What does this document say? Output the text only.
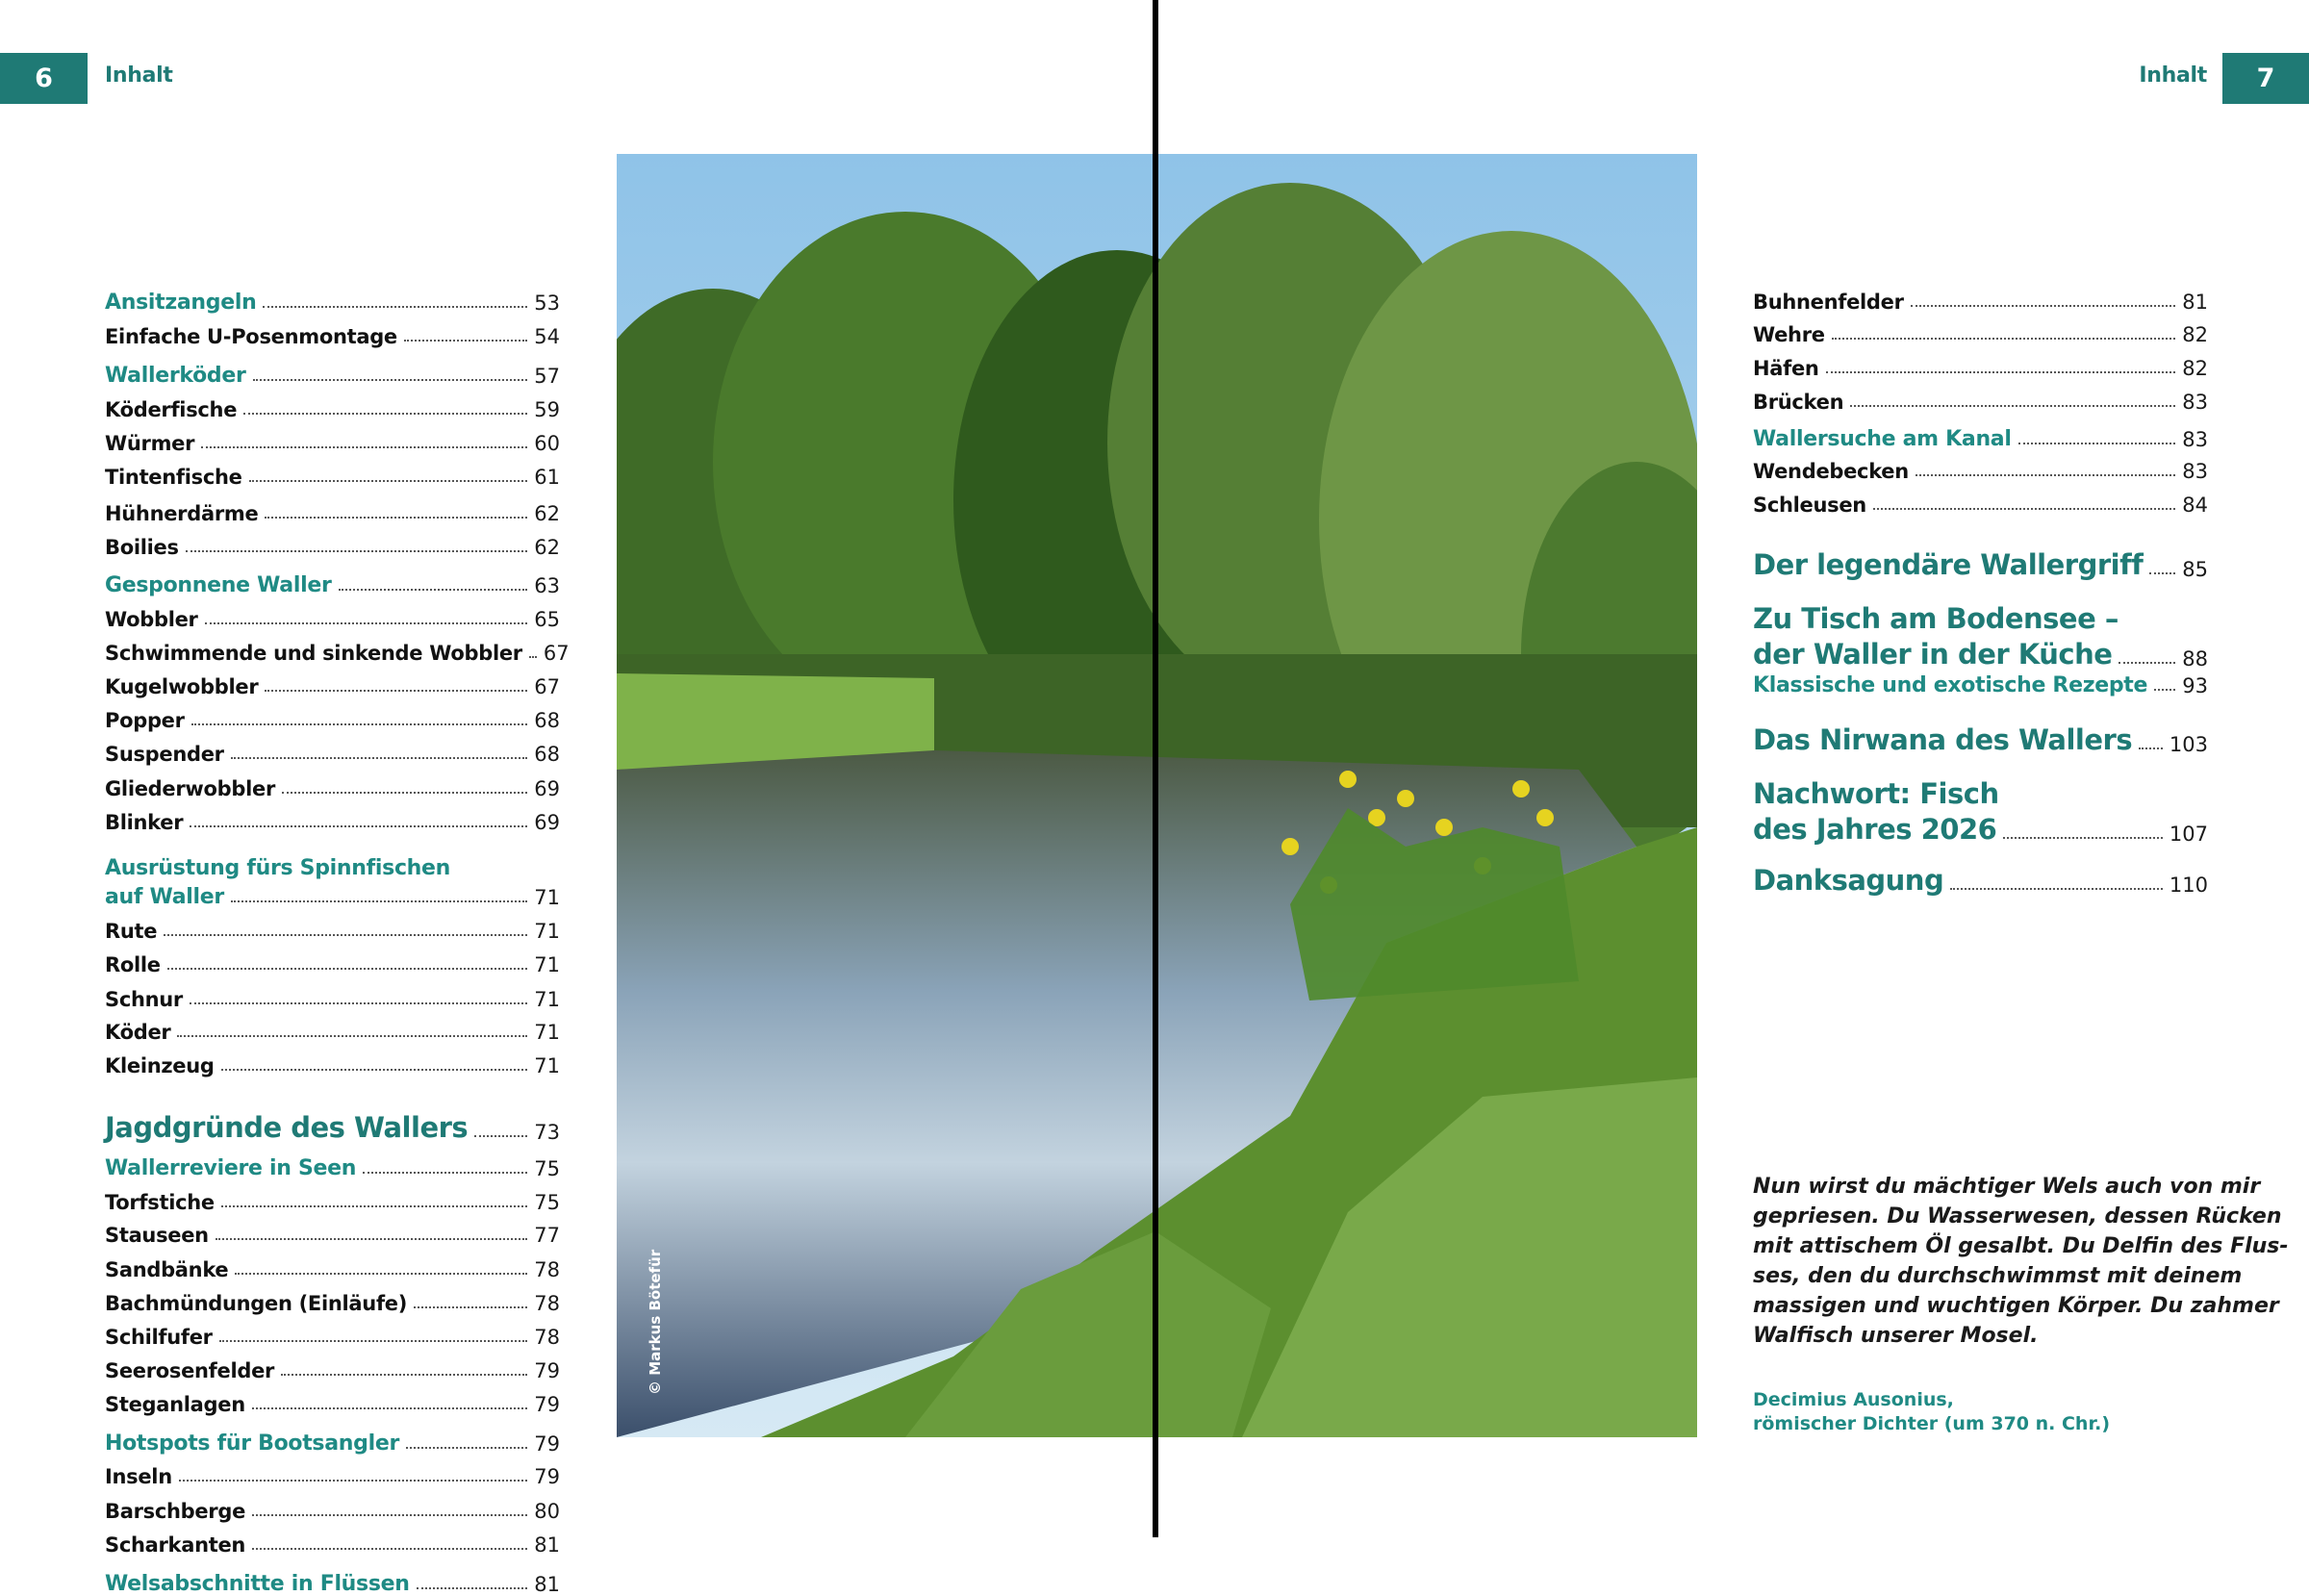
6	Inhalt	Inhalt	7
Ansitzangeln	53
Einfache U-Posenmontage	54
Wallerköder	57
Köderfische	59
Würmer	60
Tintenfische	61
Hühnerdärme	62
Boilies	62
Gesponnene Waller	63
Wobbler	65
Schwimmende und sinkende Wobbler 67
Kugelwobbler	67
Popper	68
Suspender	68
Gliederwobbler	69
Blinker	69
Ausrüstung fürs Spinnfischen
auf Waller	71
Rute	71
Rolle	71
Schnur	71
Köder	71
Kleinzeug	71
Jagdgründe des Wallers	73
Wallerreviere in Seen	75
Torfstiche	75
Stauseen	77
Sandbänke	78
Bachmündungen (Einläufe)	78
Schilfufer	78
Seerosenfelder	79
Steganlagen	79
Hotspots für Bootsangler	79
Inseln	79
Barschberge	80
Scharkanten	81
Welsabschnitte in Flüssen	81
Buhnenfelder	81
Wehre	82
Häfen	82
Brücken	83
Wallersuche am Kanal	83
Wendebecken	83
Schleusen	84
Der legendäre Wallergriff 85
Zu Tisch am Bodensee –
der Waller in der Küche	88
Klassische und exotische Rezepte 93
Das Nirwana des Wallers 103
Nachwort: Fisch
des Jahres 2026	107
Danksagung	110
© Markus Bötefür
Nun wirst du mächtiger Wels auch von mir
gepriesen. Du Wasserwesen, dessen Rücken
mit attischem Öl gesalbt. Du Delfin des Flus-
ses, den du durchschwimmst mit deinem
massigen und wuchtigen Körper. Du zahmer
Walfisch unserer Mosel.
Decimius Ausonius,
römischer Dichter (um 370 n. Chr.)
